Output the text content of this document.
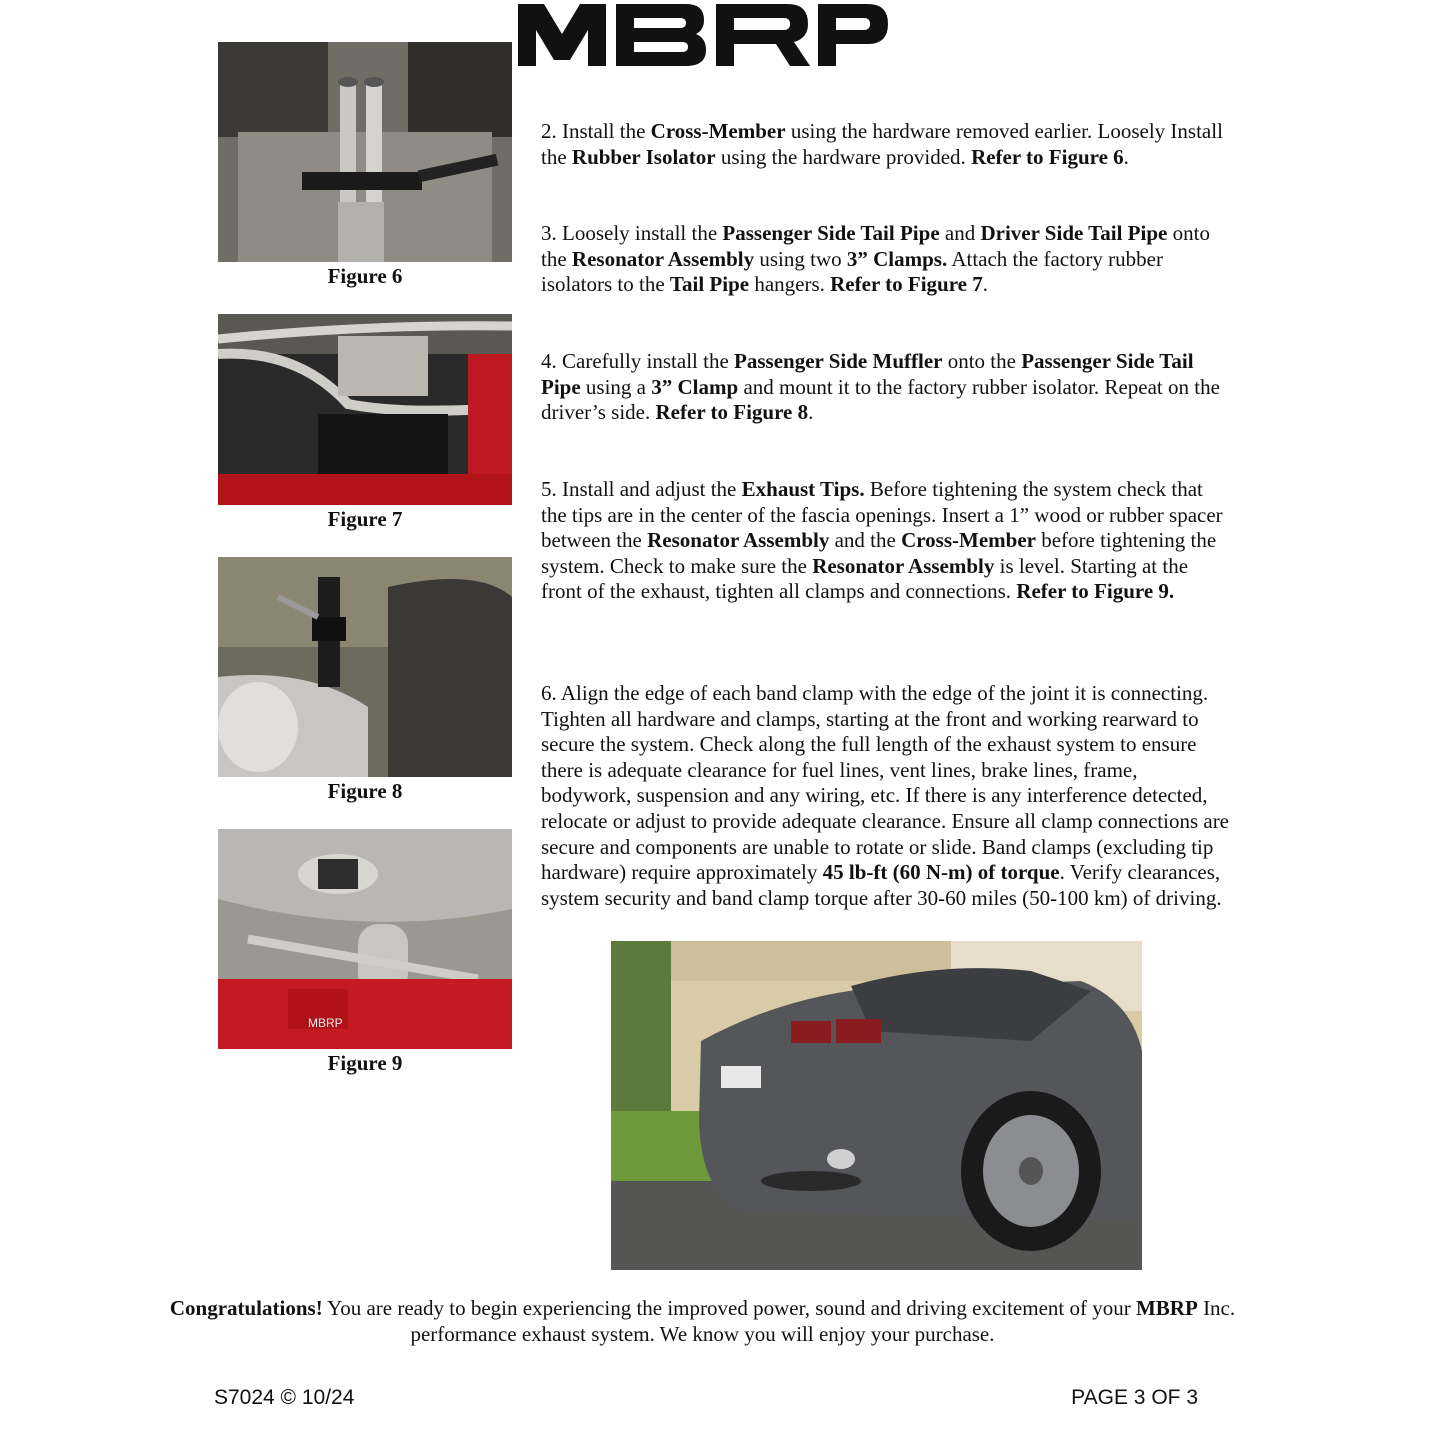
Figure 6
Figure 7
Figure 8
MBRP
Figure 9
2. Install the Cross-Member using the hardware removed earlier. Loosely Install the Rubber Isolator using the hardware provided. Refer to Figure 6.
3. Loosely install the Passenger Side Tail Pipe and Driver Side Tail Pipe onto the Resonator Assembly using two 3” Clamps. Attach the factory rubber isolators to the Tail Pipe hangers. Refer to Figure 7.
4. Carefully install the Passenger Side Muffler onto the Passenger Side Tail Pipe using a 3” Clamp and mount it to the factory rubber isolator. Repeat on the driver’s side. Refer to Figure 8.
5. Install and adjust the Exhaust Tips. Before tightening the system check that the tips are in the center of the fascia openings. Insert a 1” wood or rubber spacer between the Resonator Assembly and the Cross-Member before tightening the system. Check to make sure the Resonator Assembly is level. Starting at the front of the exhaust, tighten all clamps and connections. Refer to Figure 9.
6. Align the edge of each band clamp with the edge of the joint it is connecting. Tighten all hardware and clamps, starting at the front and working rearward to secure the system. Check along the full length of the exhaust system to ensure there is adequate clearance for fuel lines, vent lines, brake lines, frame, bodywork, suspension and any wiring, etc. If there is any interference detected, relocate or adjust to provide adequate clearance. Ensure all clamp connections are secure and components are unable to rotate or slide. Band clamps (excluding tip hardware) require approximately 45 lb-ft (60 N-m) of torque. Verify clearances, system security and band clamp torque after 30-60 miles (50-100 km) of driving.
Congratulations! You are ready to begin experiencing the improved power, sound and driving excitement of your MBRP Inc. performance exhaust system. We know you will enjoy your purchase.
S7024 © 10/24	PAGE 3 OF 3
